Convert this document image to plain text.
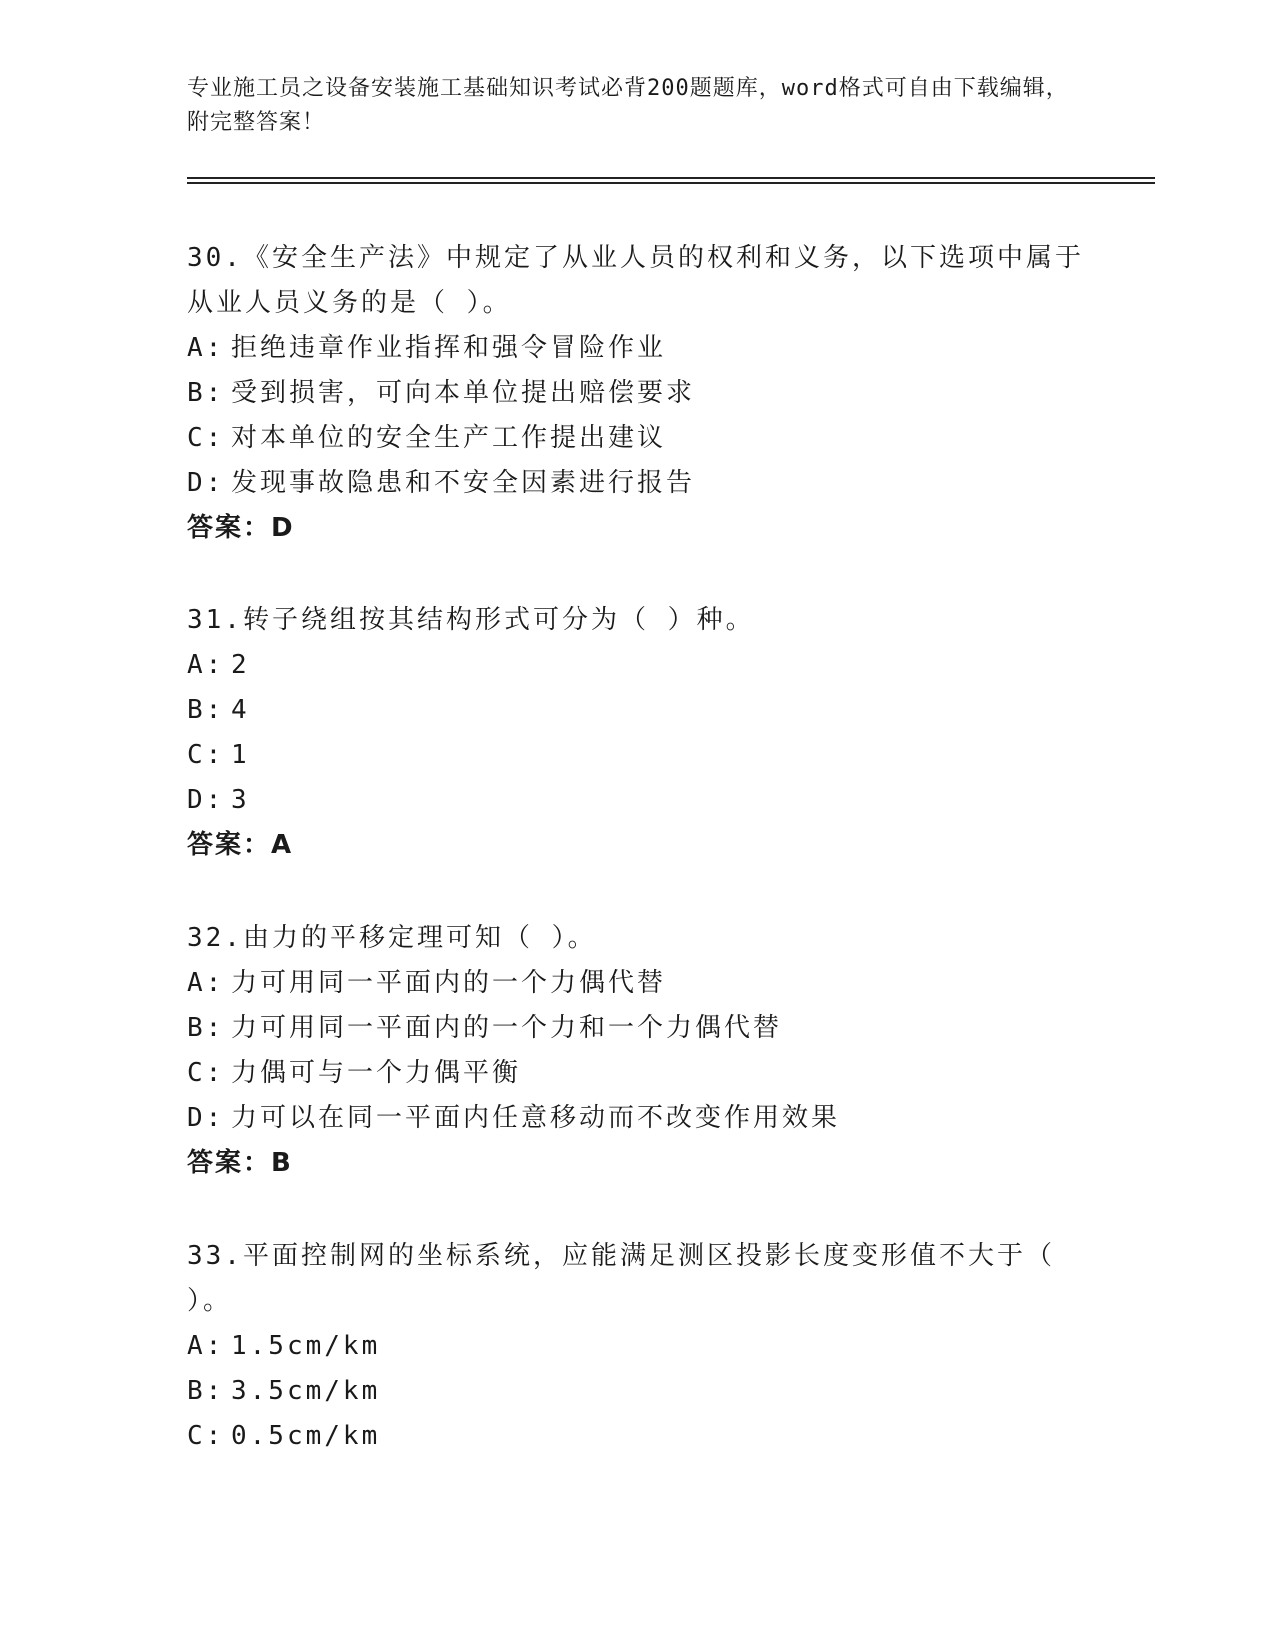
专业施工员之设备安装施工基础知识考试必背200题题库，word格式可自由下载编辑，附完整答案！

30.《安全生产法》中规定了从业人员的权利和义务，以下选项中属于从业人员义务的是（ ）。

A: 拒绝违章作业指挥和强令冒险作业

B: 受到损害，可向本单位提出赔偿要求

C: 对本单位的安全生产工作提出建议

D: 发现事故隐患和不安全因素进行报告

答案：D

31.转子绕组按其结构形式可分为（ ）种。

A: 2

B: 4

C: 1

D: 3

答案：A

32.由力的平移定理可知（ ）。

A: 力可用同一平面内的一个力偶代替

B: 力可用同一平面内的一个力和一个力偶代替

C: 力偶可与一个力偶平衡

D: 力可以在同一平面内任意移动而不改变作用效果

答案：B

33.平面控制网的坐标系统，应能满足测区投影长度变形值不大于（ ）。

A: 1.5cm/km

B: 3.5cm/km

C: 0.5cm/km
